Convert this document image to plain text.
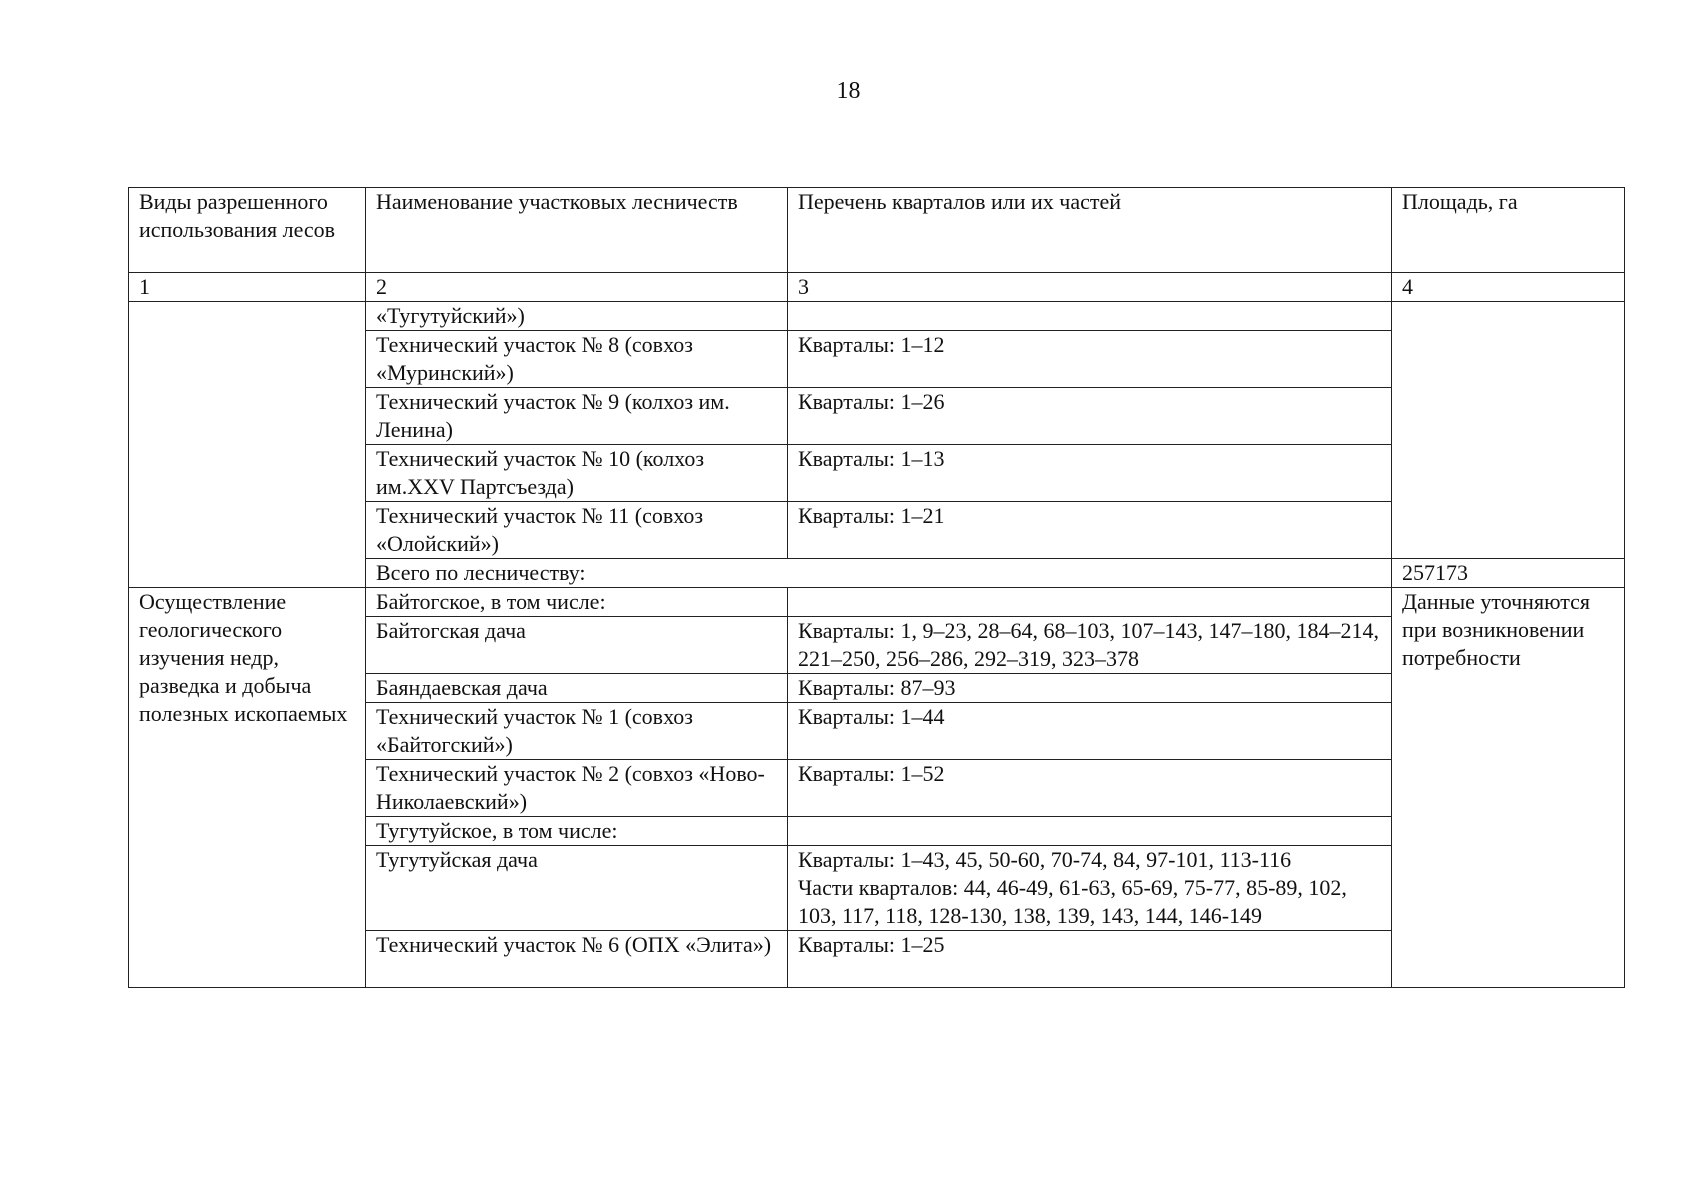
18
Виды разрешенного использования лесов	Наименование участковых лесничеств	Перечень кварталов или их частей	Площадь, га
1	2	3	4
	«Тугутуйский»)		
	Технический участок № 8 (совхоз «Муринский»)	Кварталы: 1–12	
	Технический участок № 9 (колхоз им. Ленина)	Кварталы: 1–26	
	Технический участок № 10 (колхоз им.XXV Партсъезда)	Кварталы: 1–13	
	Технический участок № 11 (совхоз «Олойский»)	Кварталы: 1–21	
	Всего по лесничеству:		257173
Осуществление геологического изучения недр, разведка и добыча полезных ископаемых	Байтогское, в том числе:		Данные уточняются при возникновении потребности
	Байтогская дача	Кварталы: 1, 9–23, 28–64, 68–103, 107–143, 147–180, 184–214, 221–250, 256–286, 292–319, 323–378	
	Баяндаевская дача	Кварталы: 87–93	
	Технический участок № 1 (совхоз «Байтогский»)	Кварталы: 1–44	
	Технический участок № 2 (совхоз «Ново-Николаевский»)	Кварталы: 1–52	
	Тугутуйское, в том числе:		
	Тугутуйская дача	Кварталы: 1–43, 45, 50-60, 70-74, 84, 97-101, 113-116
Части кварталов: 44, 46-49, 61-63, 65-69, 75-77, 85-89, 102, 103, 117, 118, 128-130, 138, 139, 143, 144, 146-149	

	Технический участок № 6 (ОПХ «Элита»)	Кварталы: 1–25	
